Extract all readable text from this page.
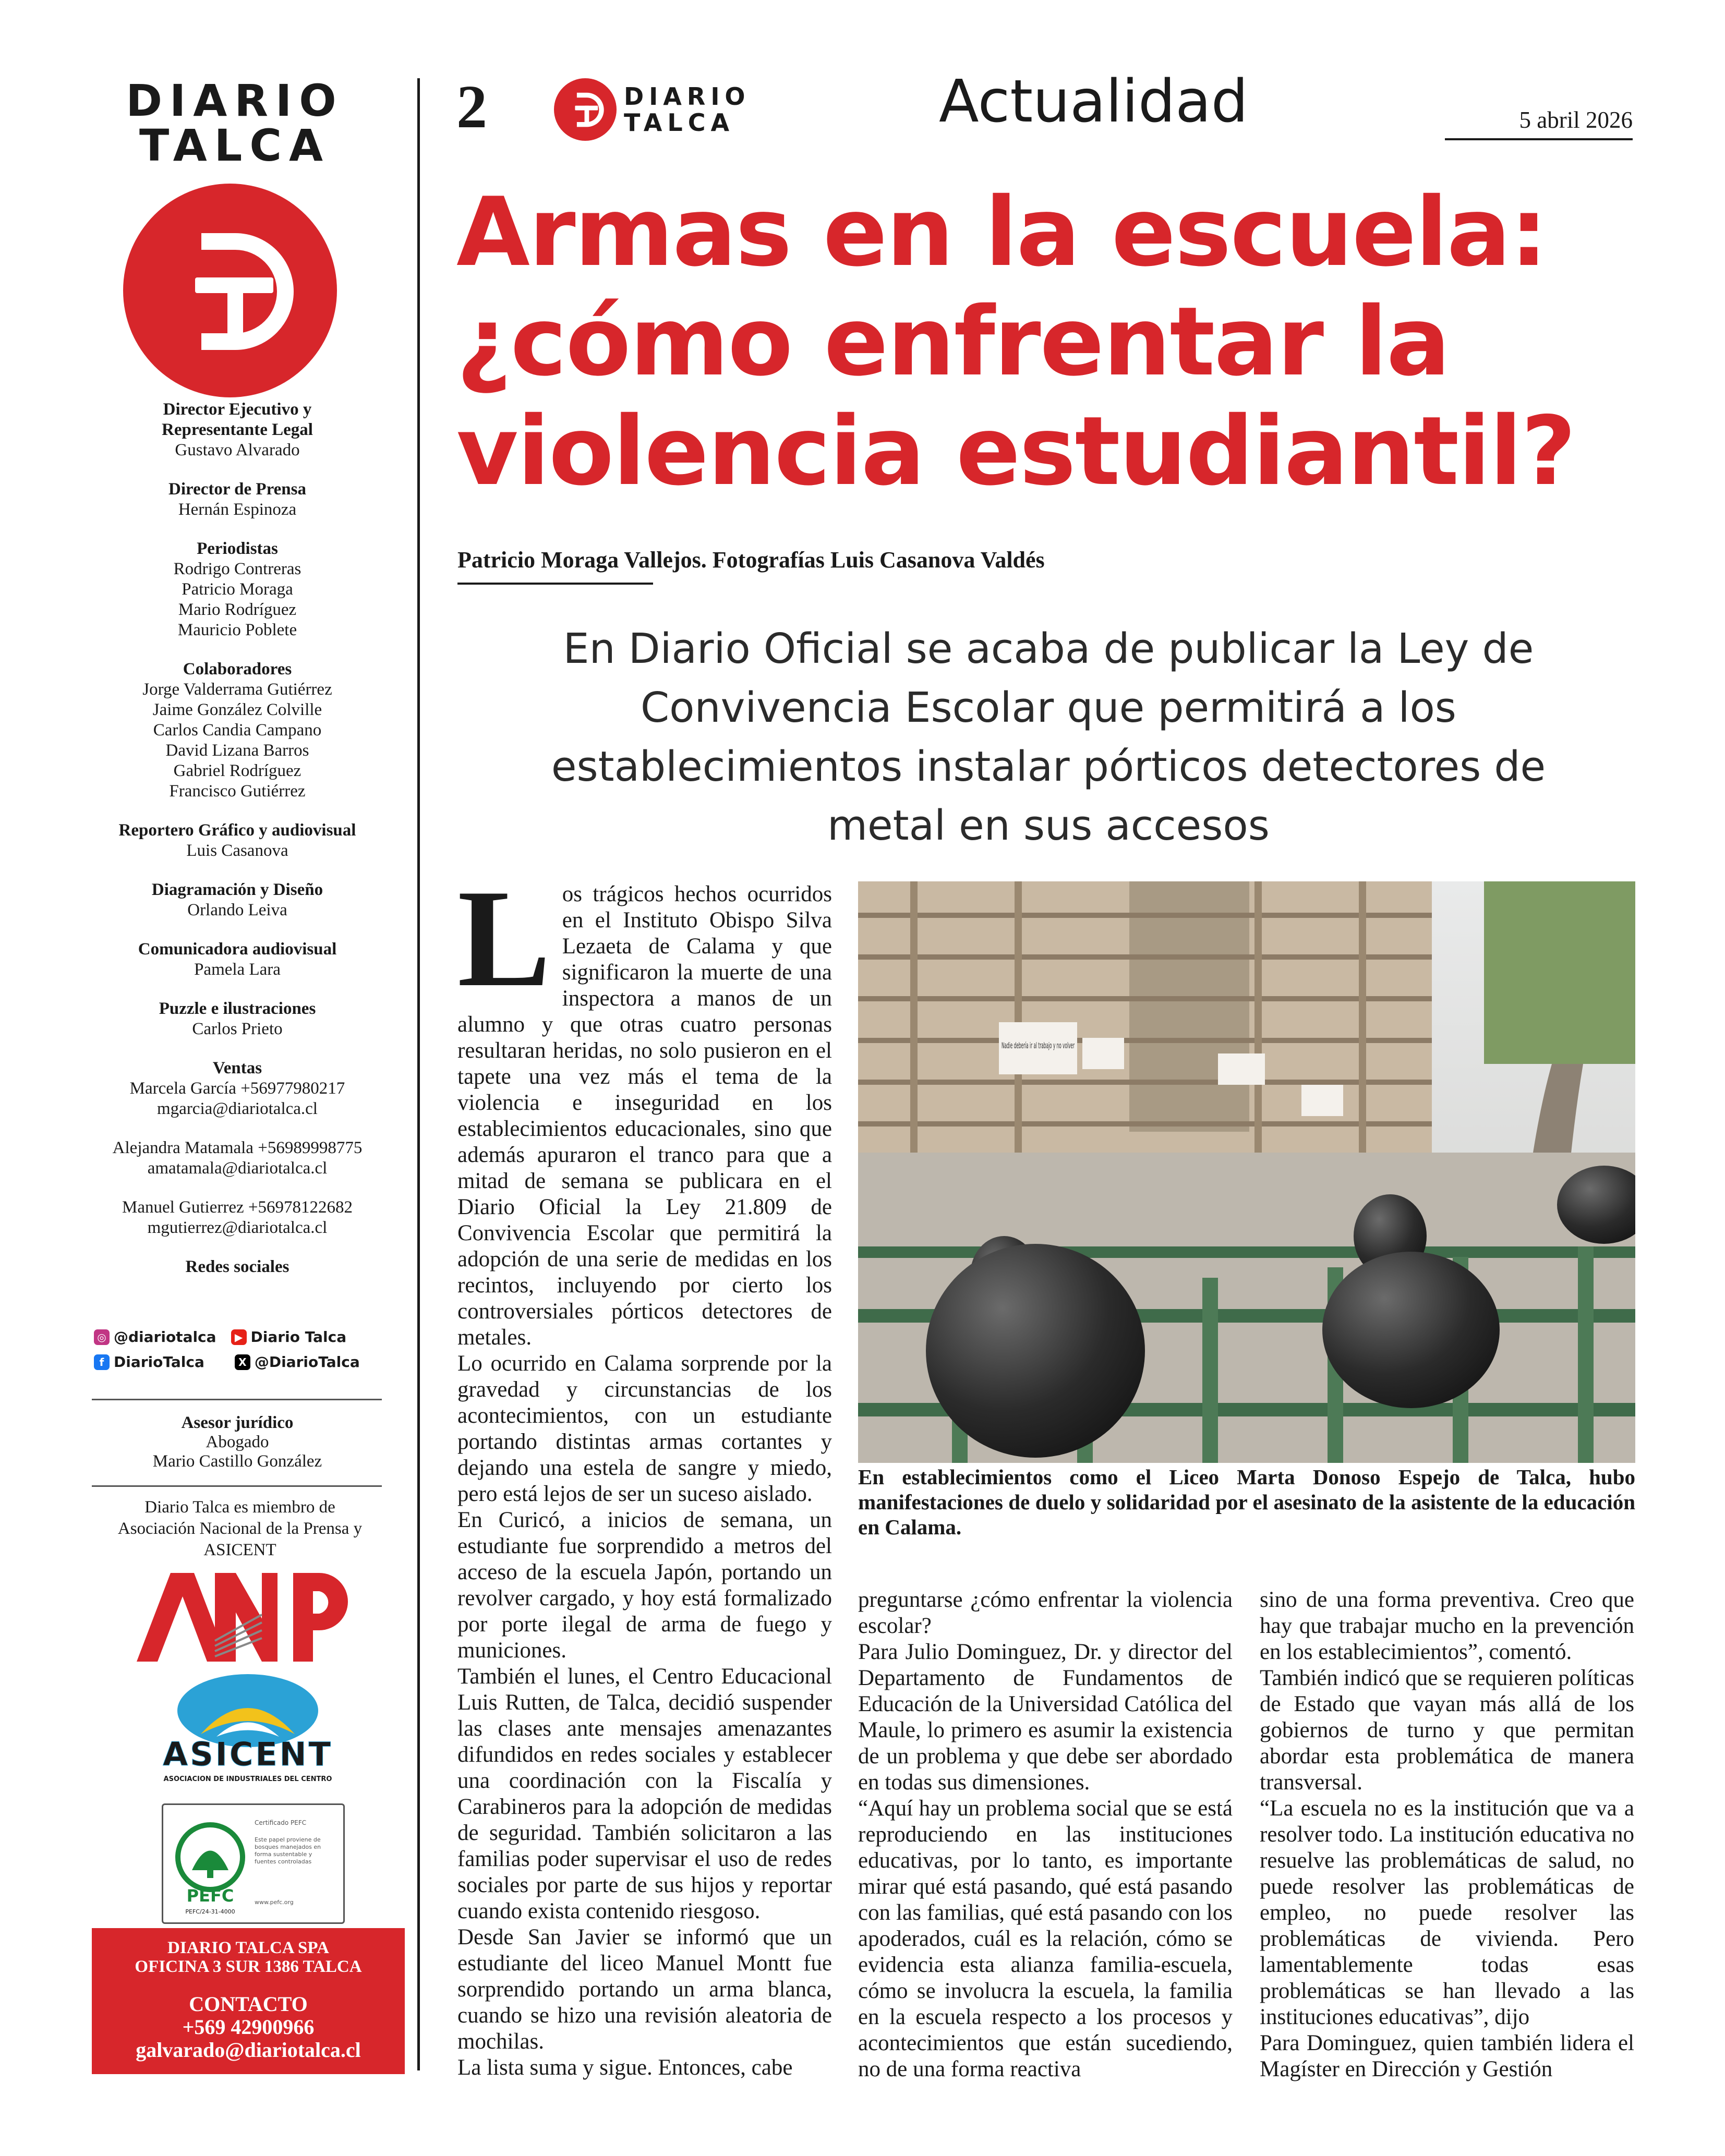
DIARIO
TALCA
Director Ejecutivo y Representante Legal
Gustavo Alvarado
Director de Prensa
Hernán Espinoza
Periodistas
Rodrigo Contreras
Patricio Moraga
Mario Rodríguez
Mauricio Poblete
Colaboradores
Jorge Valderrama Gutiérrez
Jaime González Colville
Carlos Candia Campano
David Lizana Barros
Gabriel Rodríguez
Francisco Gutiérrez
Reportero Gráfico y audiovisual
Luis Casanova
Diagramación y Diseño
Orlando Leiva
Comunicadora audiovisual
Pamela Lara
Puzzle e ilustraciones
Carlos Prieto
Ventas
Marcela García +56977980217
mgarcia@diariotalca.cl
Alejandra Matamala +56989998775
amatamala@diariotalca.cl
Manuel Gutierrez +56978122682
mgutierrez@diariotalca.cl
Redes sociales
◎ @diariotalca	▶ Diario Talca
f DiarioTalca	X @DiarioTalca
Asesor jurídico
Abogado
Mario Castillo González
Diario Talca es miembro de Asociación Nacional de la Prensa y ASICENT
ANP
ASICENT
ASOCIACION DE INDUSTRIALES DEL CENTRO
PEFC
PEFC/24-31-4000
Certificado PEFC
Este papel proviene de bosques manejados en forma sustentable y fuentes controladas
www.pefc.org
DIARIO TALCA SPA
OFICINA 3 SUR 1386 TALCA
CONTACTO
+569 42900966
galvarado@diariotalca.cl
2	DIARIO
TALCA	Actualidad	5 abril 2026
Armas en la escuela: ¿cómo enfrentar la violencia estudiantil?
Patricio Moraga Vallejos. Fotografías Luis Casanova Valdés
En Diario Oficial se acaba de publicar la Ley de Convivencia Escolar que permitirá a los establecimientos instalar pórticos detectores de metal en sus accesos
L os trágicos hechos ocurridos en el Instituto Obispo Silva Lezaeta de Calama y que significaron la muerte de una inspectora a manos de un alumno y que otras cuatro personas resultaran heridas, no solo pusieron en el tapete una vez más el tema de la violencia e inseguridad en los establecimientos educacionales, sino que además apuraron el tranco para que a mitad de semana se publicara en el Diario Oficial la Ley 21.809 de Convivencia Escolar que permitirá la adopción de una serie de medidas en los recintos, incluyendo por cierto los controversiales pórticos detectores de metales.

Lo ocurrido en Calama sorprende por la gravedad y circunstancias de los acontecimientos, con un estudiante portando distintas armas cortantes y dejando una estela de sangre y miedo, pero está lejos de ser un suceso aislado.

En Curicó, a inicios de semana, un estudiante fue sorprendido a metros del acceso de la escuela Japón, portando un revolver cargado, y hoy está formalizado por porte ilegal de arma de fuego y municiones.

También el lunes, el Centro Educacional Luis Rutten, de Talca, decidió suspender las clases ante mensajes amenazantes difundidos en redes sociales y establecer una coordinación con la Fiscalía y Carabineros para la adopción de medidas de seguridad. También solicitaron a las familias poder supervisar el uso de redes sociales por parte de sus hijos y reportar cuando exista contenido riesgoso.

Desde San Javier se informó que un estudiante del liceo Manuel Montt fue sorprendido portando un arma blanca, cuando se hizo una revisión aleatoria de mochilas.

La lista suma y sigue. Entonces, cabe

Nadie debería ir al trabajo y no volver
En establecimientos como el Liceo Marta Donoso Espejo de Talca, hubo manifestaciones de duelo y solidaridad por el asesinato de la asistente de la educación en Calama.

preguntarse ¿cómo enfrentar la violencia escolar?

Para Julio Dominguez, Dr. y director del Departamento de Fundamentos de Educación de la Universidad Católica del Maule, lo primero es asumir la existencia de un problema y que debe ser abordado en todas sus dimensiones.

“Aquí hay un problema social que se está reproduciendo en las instituciones educativas, por lo tanto, es importante mirar qué está pasando, qué está pasando con las familias, qué está pasando con los apoderados, cuál es la relación, cómo se evidencia esta alianza familia-escuela, cómo se involucra la escuela, la familia en la escuela respecto a los procesos y acontecimientos que están sucediendo, no de una forma reactiva

sino de una forma preventiva. Creo que hay que trabajar mucho en la prevención en los establecimientos”, comentó.

También indicó que se requieren políticas de Estado que vayan más allá de los gobiernos de turno y que permitan abordar esta problemática de manera transversal.

“La escuela no es la institución que va a resolver todo. La institución educativa no resuelve las problemáticas de salud, no puede resolver las problemáticas de empleo, no puede resolver las problemáticas de vivienda. Pero lamentablemente todas esas problemáticas se han llevado a las instituciones educativas”, dijo

Para Dominguez, quien también lidera el Magíster en Dirección y Gestión
